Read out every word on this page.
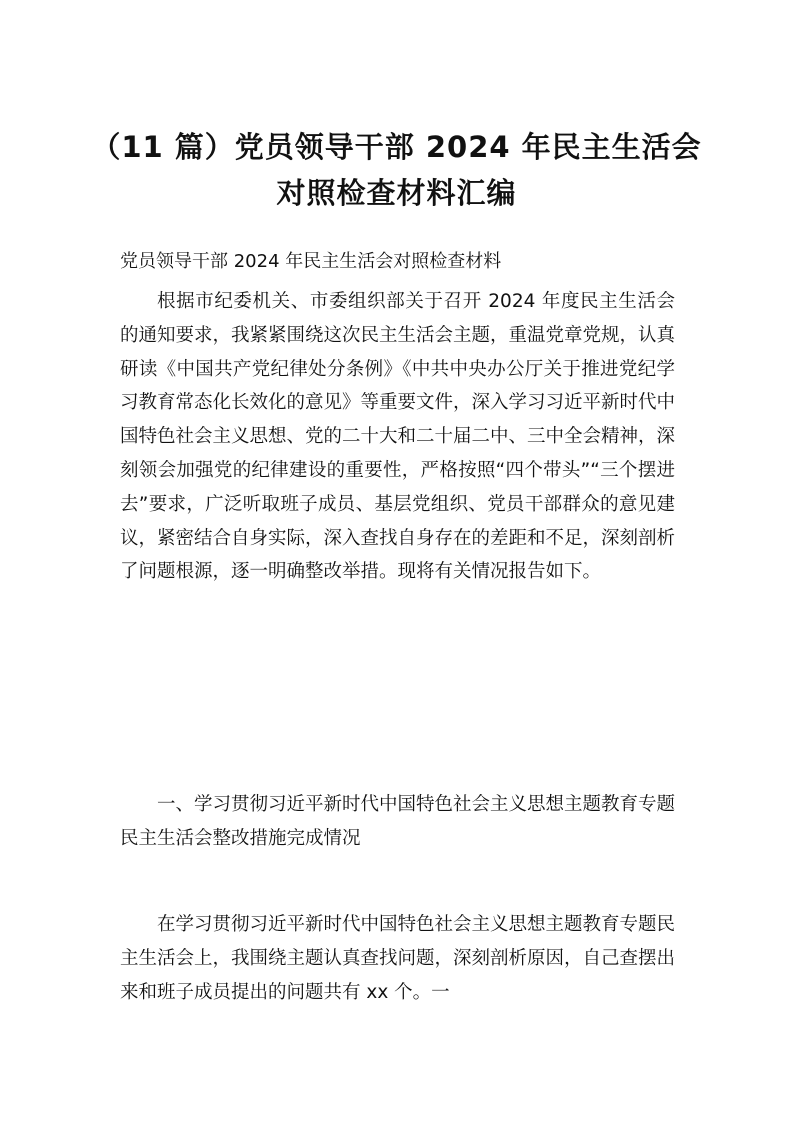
（11 篇）党员领导干部 2024 年民主生活会
对照检查材料汇编
党员领导干部 2024 年民主生活会对照检查材料

根据市纪委机关、市委组织部关于召开 2024 年度民主生活会的通知要求，我紧紧围绕这次民主生活会主题，重温党章党规，认真研读《中国共产党纪律处分条例》《中共中央办公厅关于推进党纪学习教育常态化长效化的意见》等重要文件，深入学习习近平新时代中国特色社会主义思想、党的二十大和二十届二中、三中全会精神，深刻领会加强党的纪律建设的重要性，严格按照“四个带头”“三个摆进去”要求，广泛听取班子成员、基层党组织、党员干部群众的意见建议，紧密结合自身实际，深入查找自身存在的差距和不足，深刻剖析了问题根源，逐一明确整改举措。现将有关情况报告如下。

一、学习贯彻习近平新时代中国特色社会主义思想主题教育专题民主生活会整改措施完成情况

在学习贯彻习近平新时代中国特色社会主义思想主题教育专题民主生活会上，我围绕主题认真查找问题，深刻剖析原因，自己查摆出来和班子成员提出的问题共有 xx 个。一
